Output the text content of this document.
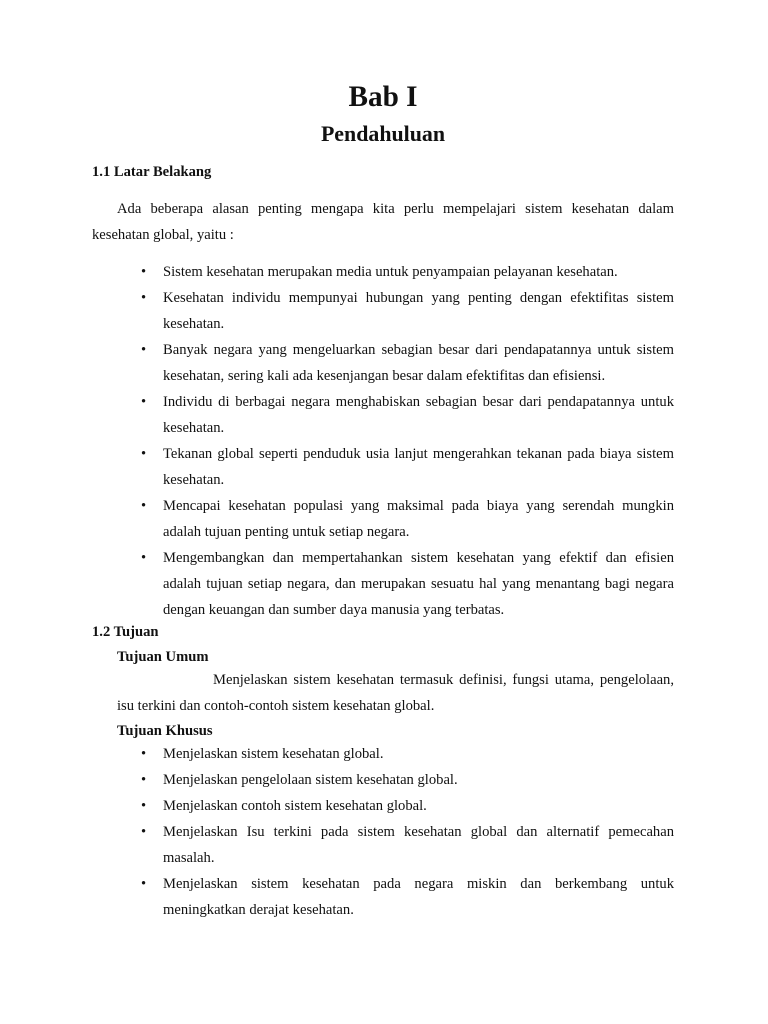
Bab I
Pendahuluan
1.1 Latar Belakang

Ada beberapa alasan penting mengapa kita perlu mempelajari sistem kesehatan dalam kesehatan global, yaitu :

• Sistem kesehatan merupakan media untuk penyampaian pelayanan kesehatan.
• Kesehatan individu mempunyai hubungan yang penting dengan efektifitas sistem kesehatan.
• Banyak negara yang mengeluarkan sebagian besar dari pendapatannya untuk sistem kesehatan, sering kali ada kesenjangan besar dalam efektifitas dan efisiensi.
• Individu di berbagai negara menghabiskan sebagian besar dari pendapatannya untuk kesehatan.
• Tekanan global seperti penduduk usia lanjut mengerahkan tekanan pada biaya sistem kesehatan.
• Mencapai kesehatan populasi yang maksimal pada biaya yang serendah mungkin adalah tujuan penting untuk setiap negara.
• Mengembangkan dan mempertahankan sistem kesehatan yang efektif dan efisien adalah tujuan setiap negara, dan merupakan sesuatu hal yang menantang bagi negara dengan keuangan dan sumber daya manusia yang terbatas.
1.2 Tujuan
Tujuan Umum

Menjelaskan sistem kesehatan termasuk definisi, fungsi utama, pengelolaan, isu terkini dan contoh-contoh sistem kesehatan global.

Tujuan Khusus
• Menjelaskan sistem kesehatan global.
• Menjelaskan pengelolaan sistem kesehatan global.
• Menjelaskan contoh sistem kesehatan global.
• Menjelaskan Isu terkini pada sistem kesehatan global dan alternatif pemecahan masalah.
• Menjelaskan sistem kesehatan pada negara miskin dan berkembang untuk meningkatkan derajat kesehatan.
